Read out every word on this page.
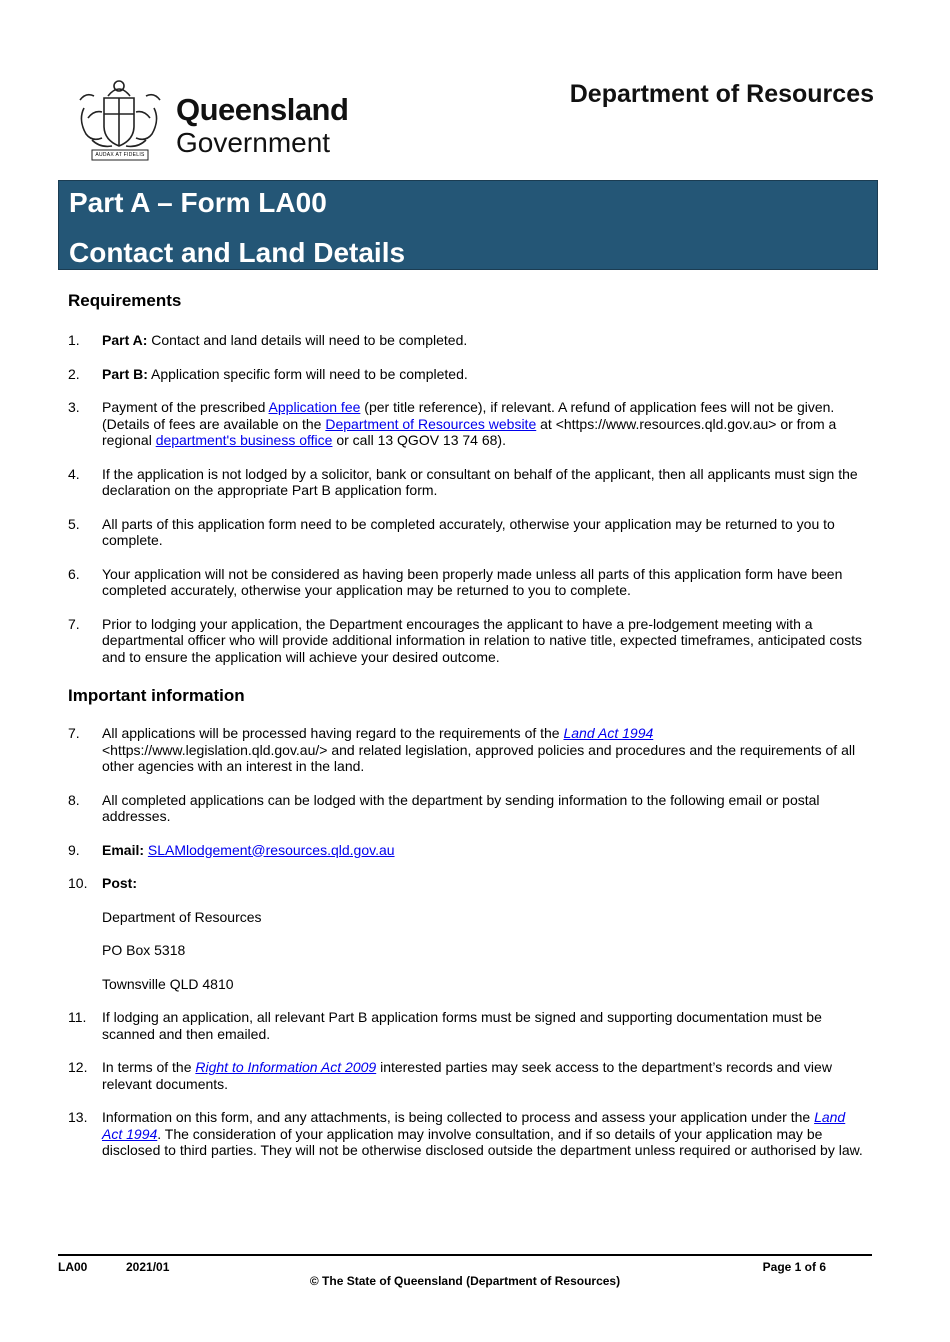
AUDAX AT FIDELIS
Queensland
Government
Department of Resources
Part A – Form LA00
Contact and Land Details
Requirements
1.	Part A: Contact and land details will need to be completed.
2.	Part B: Application specific form will need to be completed.
3.	Payment of the prescribed Application fee (per title reference), if relevant. A refund of application fees will not be given. (Details of fees are available on the Department of Resources website at <https://www.resources.qld.gov.au> or from a regional department's business office or call 13 QGOV 13 74 68).
4.	If the application is not lodged by a solicitor, bank or consultant on behalf of the applicant, then all applicants must sign the declaration on the appropriate Part B application form.
5.	All parts of this application form need to be completed accurately, otherwise your application may be returned to you to complete.
6.	Your application will not be considered as having been properly made unless all parts of this application form have been completed accurately, otherwise your application may be returned to you to complete.
7.	Prior to lodging your application, the Department encourages the applicant to have a pre-lodgement meeting with a departmental officer who will provide additional information in relation to native title, expected timeframes, anticipated costs and to ensure the application will achieve your desired outcome.
Important information
7.	All applications will be processed having regard to the requirements of the Land Act 1994 <https://www.legislation.qld.gov.au/> and related legislation, approved policies and procedures and the requirements of all other agencies with an interest in the land.
8.	All completed applications can be lodged with the department by sending information to the following email or postal addresses.
9.	Email: SLAMlodgement@resources.qld.gov.au
10.	Post:
Department of Resources
PO Box 5318
Townsville QLD 4810
11.	If lodging an application, all relevant Part B application forms must be signed and supporting documentation must be scanned and then emailed.
12.	In terms of the Right to Information Act 2009 interested parties may seek access to the department’s records and view relevant documents.
13.	Information on this form, and any attachments, is being collected to process and assess your application under the Land Act 1994. The consideration of your application may involve consultation, and if so details of your application may be disclosed to third parties. They will not be otherwise disclosed outside the department unless required or authorised by law.
LA00	2021/01	Page 1 of 6
© The State of Queensland (Department of Resources)
